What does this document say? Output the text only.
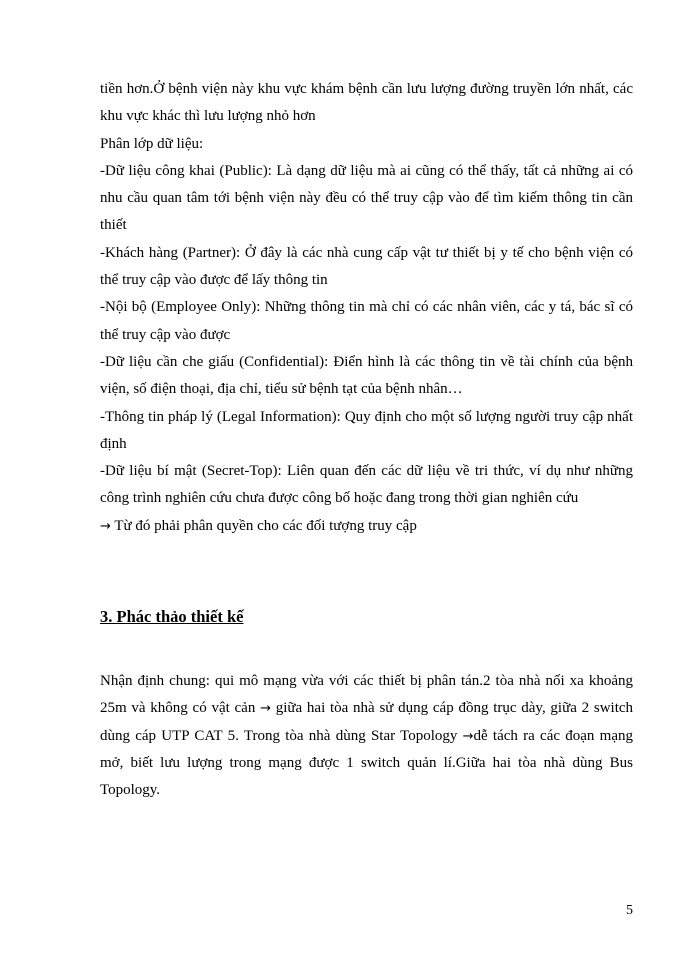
tiền hơn.Ở bệnh viện này khu vực khám bệnh cần lưu lượng đường truyền lớn nhất, các khu vực khác thì lưu lượng nhỏ hơn

Phân lớp dữ liệu:

-Dữ liệu công khai (Public): Là dạng dữ liệu mà ai cũng có thể thấy, tất cả những ai có nhu cầu quan tâm tới bệnh viện này đều có thể truy cập vào để tìm kiếm thông tin cần thiết

-Khách hàng (Partner): Ở đây là các nhà cung cấp vật tư thiết bị y tế cho bệnh viện có thể truy cập vào được để lấy thông tin

-Nội bộ (Employee Only): Những thông tin mà chỉ có các nhân viên, các y tá, bác sĩ có thể truy cập vào được

-Dữ liệu cần che giấu (Confidential): Điển hình là các thông tin về tài chính của bệnh viện, số điện thoại, địa chỉ, tiểu sử bệnh tạt của bệnh nhân…

-Thông tin pháp lý (Legal Information): Quy định cho một số lượng người truy cập nhất định

-Dữ liệu bí mật (Secret-Top): Liên quan đến các dữ liệu về tri thức, ví dụ như những công trình nghiên cứu chưa được công bố hoặc đang trong thời gian nghiên cứu

→ Từ đó phải phân quyền cho các đối tượng truy cập

3. Phác thảo thiết kế

Nhận định chung: qui mô mạng vừa với các thiết bị phân tán.2 tòa nhà nối xa khoảng 25m và không có vật cản → giữa hai tòa nhà sử dụng cáp đồng trục dày, giữa 2 switch dùng cáp UTP CAT 5. Trong tòa nhà dùng Star Topology →dễ tách ra các đoạn mạng mở, biết lưu lượng trong mạng được 1 switch quản lí.Giữa hai tòa nhà dùng Bus Topology.

5
